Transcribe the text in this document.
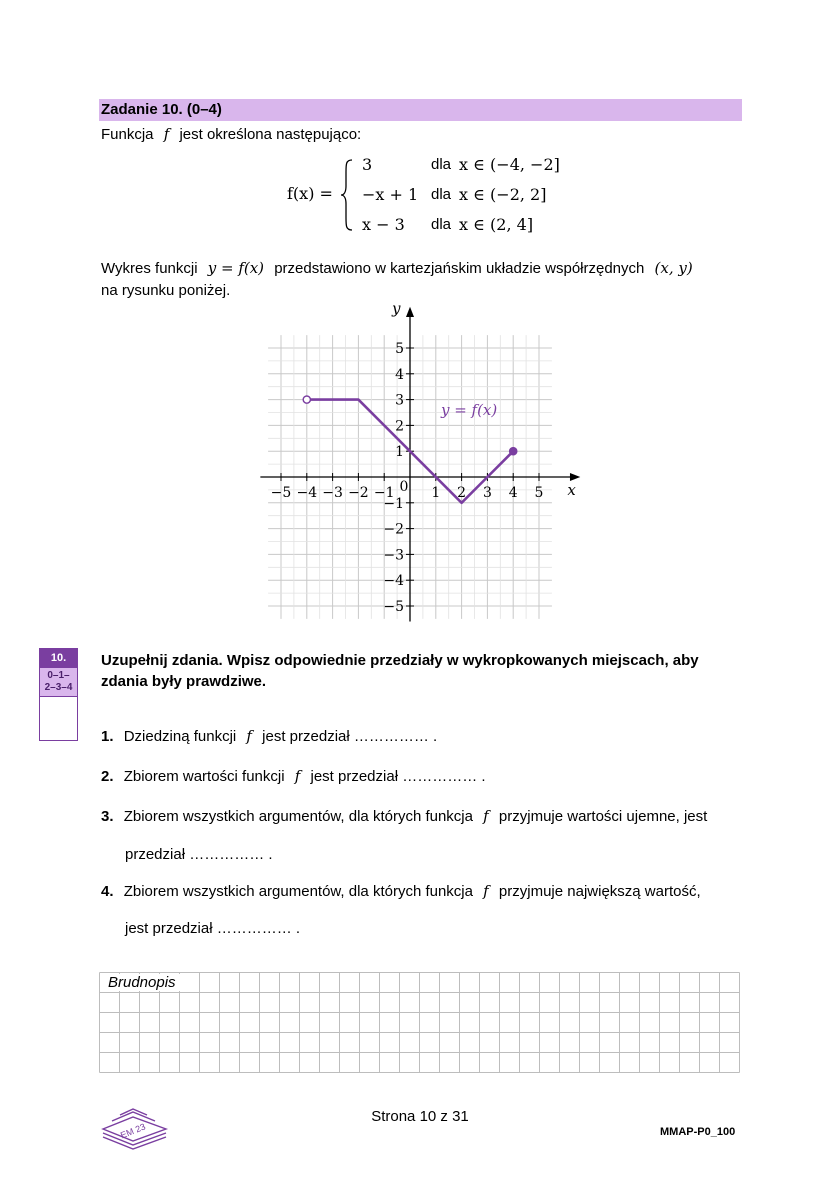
Zadanie 10. (0–4)
Funkcja f jest określona następująco:
f(x) =
3	dla x ∈ (−4, −2]
−x + 1 dla x ∈ (−2, 2]
x − 3 dla x ∈ (2, 4]
Wykres funkcji y = f(x) przedstawiono w kartezjańskim układzie współrzędnych (x, y)
na rysunku poniżej.
−5 −4 −3 −2 −1 0 1 2 3 4 5
5
4
3
2
1
−1
−2
−3
−4
−5
x
y
y = f(x)
10.
0–1–
2–3–4
Uzupełnij zdania. Wpisz odpowiednie przedziały w wykropkowanych miejscach, aby
zdania były prawdziwe.
1. Dziedziną funkcji f jest przedział …………… .
2. Zbiorem wartości funkcji f jest przedział …………… .
3. Zbiorem wszystkich argumentów, dla których funkcja f przyjmuje wartości ujemne, jest
przedział …………… .
4. Zbiorem wszystkich argumentów, dla których funkcja f przyjmuje największą wartość,
jest przedział …………… .
Brudnopis
EM 23
Strona 10 z 31
MMAP-P0_100
